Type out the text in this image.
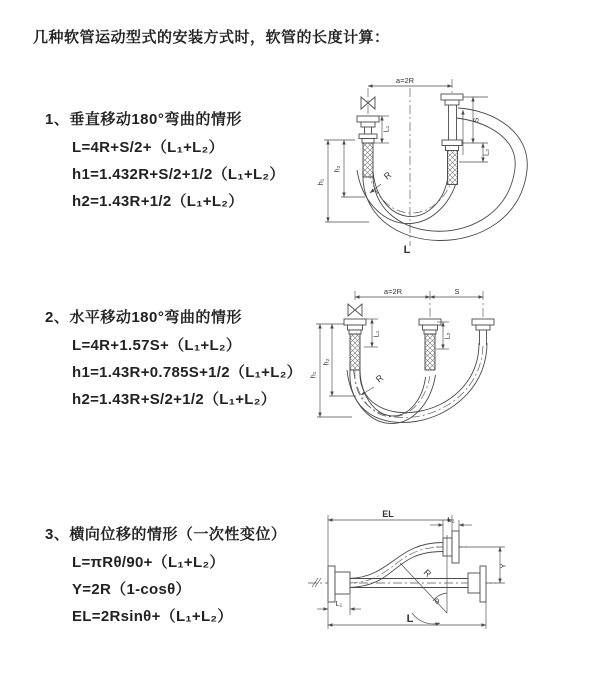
几种软管运动型式的安装方式时，软管的长度计算：
1、垂直移动180°弯曲的情形
L=4R+S/2+（L₁+L₂）
h1=1.432R+S/2+1/2（L₁+L₂）
h2=1.43R+1/2（L₁+L₂）
2、水平移动180°弯曲的情形
L=4R+1.57S+（L₁+L₂）
h1=1.43R+0.785S+1/2（L₁+L₂）
h2=1.43R+S/2+1/2（L₁+L₂）
3、横向位移的情形（一次性变位）
L=πRθ/90+（L₁+L₂）
Y=2R（1-cosθ）
EL=2Rsinθ+（L₁+L₂）
a=2R
h₁
h₂
L₁
S
L₂
R
L
a=2R	S
h₁
h₂
L₁	L₂
R
EL
L₂
Y
R
θ
L
L₁
